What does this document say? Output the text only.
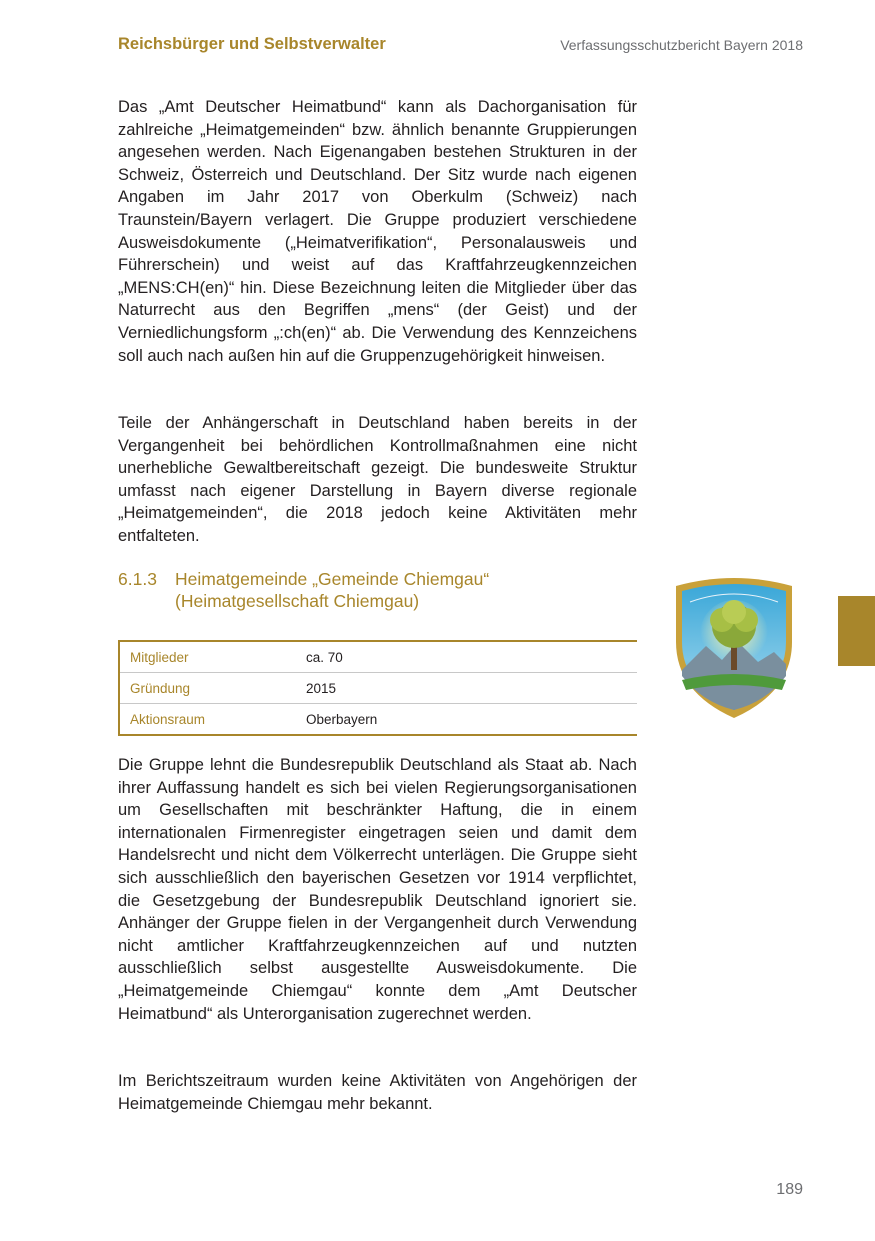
Reichsbürger und Selbstverwalter	Verfassungsschutzbericht Bayern 2018

Das „Amt Deutscher Heimatbund“ kann als Dachorganisation für zahlreiche „Heimatgemeinden“ bzw. ähnlich benannte Gruppierungen angesehen werden. Nach Eigenangaben bestehen Strukturen in der Schweiz, Österreich und Deutschland. Der Sitz wurde nach eigenen Angaben im Jahr 2017 von Oberkulm (Schweiz) nach Traunstein/Bayern verlagert. Die Gruppe produziert verschiedene Ausweisdokumente („Heimatverifikation“, Personalausweis und Führerschein) und weist auf das Kraftfahrzeugkennzeichen „MENS:CH(en)“ hin. Diese Bezeichnung leiten die Mitglieder über das Naturrecht aus den Begriffen „mens“ (der Geist) und der Verniedlichungsform „:ch(en)“ ab. Die Verwendung des Kennzeichens soll auch nach außen hin auf die Gruppenzugehörigkeit hinweisen.

Teile der Anhängerschaft in Deutschland haben bereits in der Vergangenheit bei behördlichen Kontrollmaßnahmen eine nicht unerhebliche Gewaltbereitschaft gezeigt. Die bundesweite Struktur umfasst nach eigener Darstellung in Bayern diverse regionale „Heimatgemeinden“, die 2018 jedoch keine Aktivitäten mehr entfalteten.

6.1.3 Heimatgemeinde „Gemeinde Chiemgau“
(Heimatgesellschaft Chiemgau)
Mitglieder	ca. 70
Gründung	2015
Aktionsraum	Oberbayern

Die Gruppe lehnt die Bundesrepublik Deutschland als Staat ab. Nach ihrer Auffassung handelt es sich bei vielen Regierungsorganisationen um Gesellschaften mit beschränkter Haftung, die in einem internationalen Firmenregister eingetragen seien und damit dem Handelsrecht und nicht dem Völkerrecht unterlägen. Die Gruppe sieht sich ausschließlich den bayerischen Gesetzen vor 1914 verpflichtet, die Gesetzgebung der Bundesrepublik Deutschland ignoriert sie. Anhänger der Gruppe fielen in der Vergangenheit durch Verwendung nicht amtlicher Kraftfahrzeugkennzeichen auf und nutzten ausschließlich selbst ausgestellte Ausweisdokumente. Die „Heimatgemeinde Chiemgau“ konnte dem „Amt Deutscher Heimatbund“ als Unterorganisation zugerechnet werden.

Im Berichtszeitraum wurden keine Aktivitäten von Angehörigen der Heimatgemeinde Chiemgau mehr bekannt.

189
